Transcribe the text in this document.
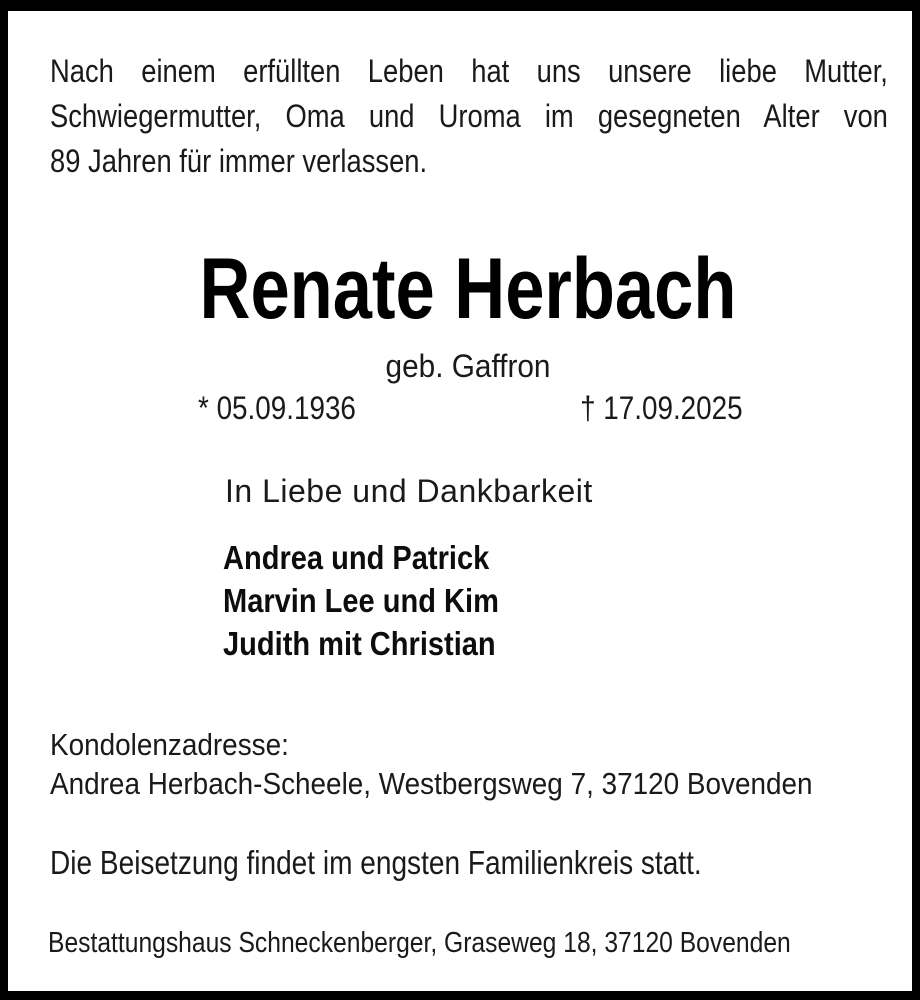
Nach einem erfüllten Leben hat uns unsere liebe Mutter,
Schwiegermutter, Oma und Uroma im gesegneten Alter von
89 Jahren für immer verlassen.
Renate Herbach
geb. Gaffron
* 05.09.1936	† 17.09.2025
In Liebe und Dankbarkeit
Andrea und Patrick
Marvin Lee und Kim
Judith mit Christian
Kondolenzadresse:
Andrea Herbach-Scheele, Westbergsweg 7, 37120 Bovenden
Die Beisetzung findet im engsten Familienkreis statt.
Bestattungshaus Schneckenberger, Graseweg 18, 37120 Bovenden
